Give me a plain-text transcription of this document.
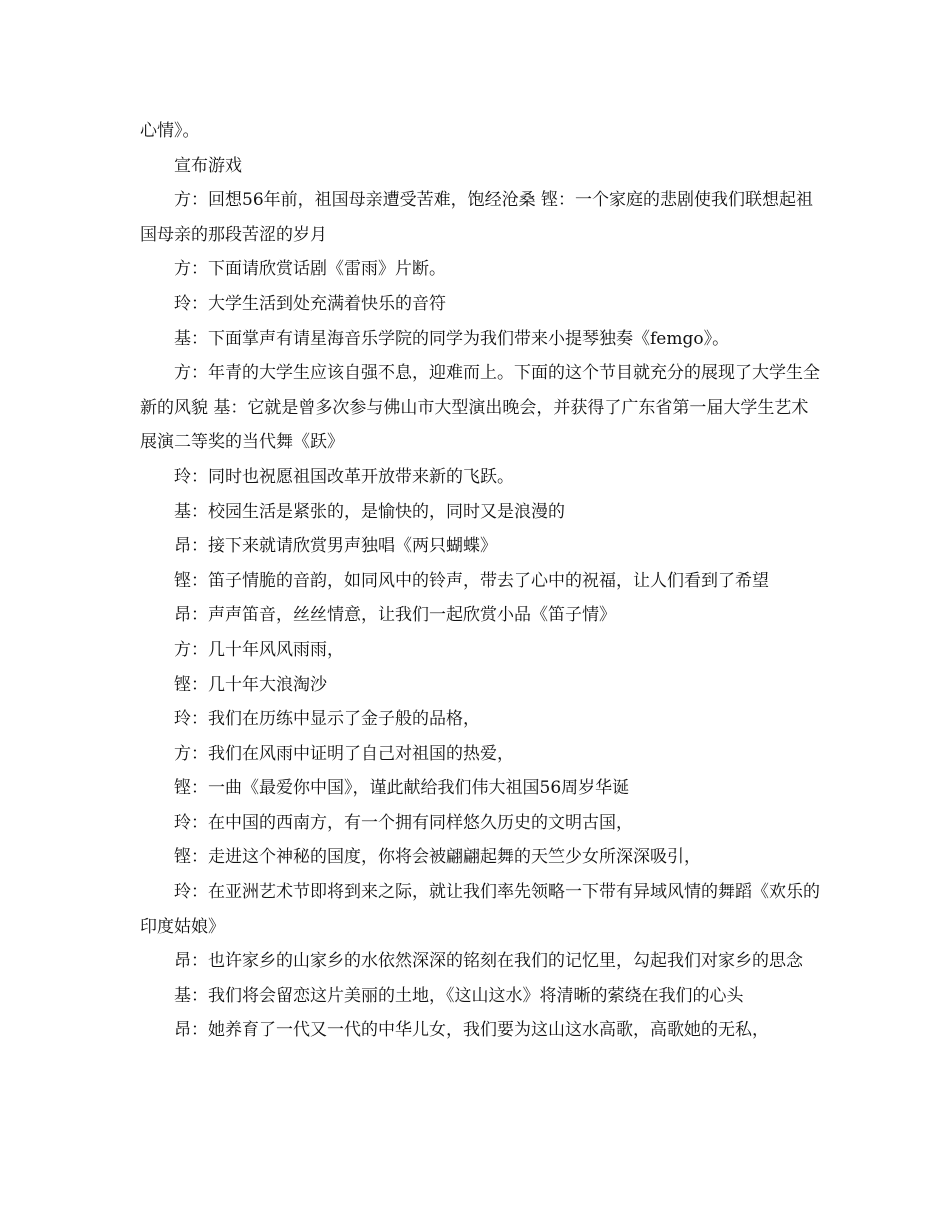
心情》。

宣布游戏

方：回想56年前，祖国母亲遭受苦难，饱经沧桑 铿：一个家庭的悲剧使我们联想起祖国母亲的那段苦涩的岁月

方：下面请欣赏话剧《雷雨》片断。

玲：大学生活到处充满着快乐的音符

基：下面掌声有请星海音乐学院的同学为我们带来小提琴独奏《femgo》。

方：年青的大学生应该自强不息，迎难而上。下面的这个节目就充分的展现了大学生全新的风貌 基：它就是曾多次参与佛山市大型演出晚会，并获得了广东省第一届大学生艺术展演二等奖的当代舞《跃》

玲：同时也祝愿祖国改革开放带来新的飞跃。

基：校园生活是紧张的，是愉快的，同时又是浪漫的

昂：接下来就请欣赏男声独唱《两只蝴蝶》

铿：笛子情脆的音韵，如同风中的铃声，带去了心中的祝福，让人们看到了希望

昂：声声笛音，丝丝情意，让我们一起欣赏小品《笛子情》

方：几十年风风雨雨，

铿：几十年大浪淘沙

玲：我们在历练中显示了金子般的品格，

方：我们在风雨中证明了自己对祖国的热爱，

铿：一曲《最爱你中国》，谨此献给我们伟大祖国56周岁华诞

玲：在中国的西南方，有一个拥有同样悠久历史的文明古国，

铿：走进这个神秘的国度，你将会被翩翩起舞的天竺少女所深深吸引，

玲：在亚洲艺术节即将到来之际，就让我们率先领略一下带有异域风情的舞蹈《欢乐的印度姑娘》

昂：也许家乡的山家乡的水依然深深的铭刻在我们的记忆里，勾起我们对家乡的思念

基：我们将会留恋这片美丽的土地，《这山这水》将清晰的萦绕在我们的心头

昂：她养育了一代又一代的中华儿女，我们要为这山这水高歌，高歌她的无私，
